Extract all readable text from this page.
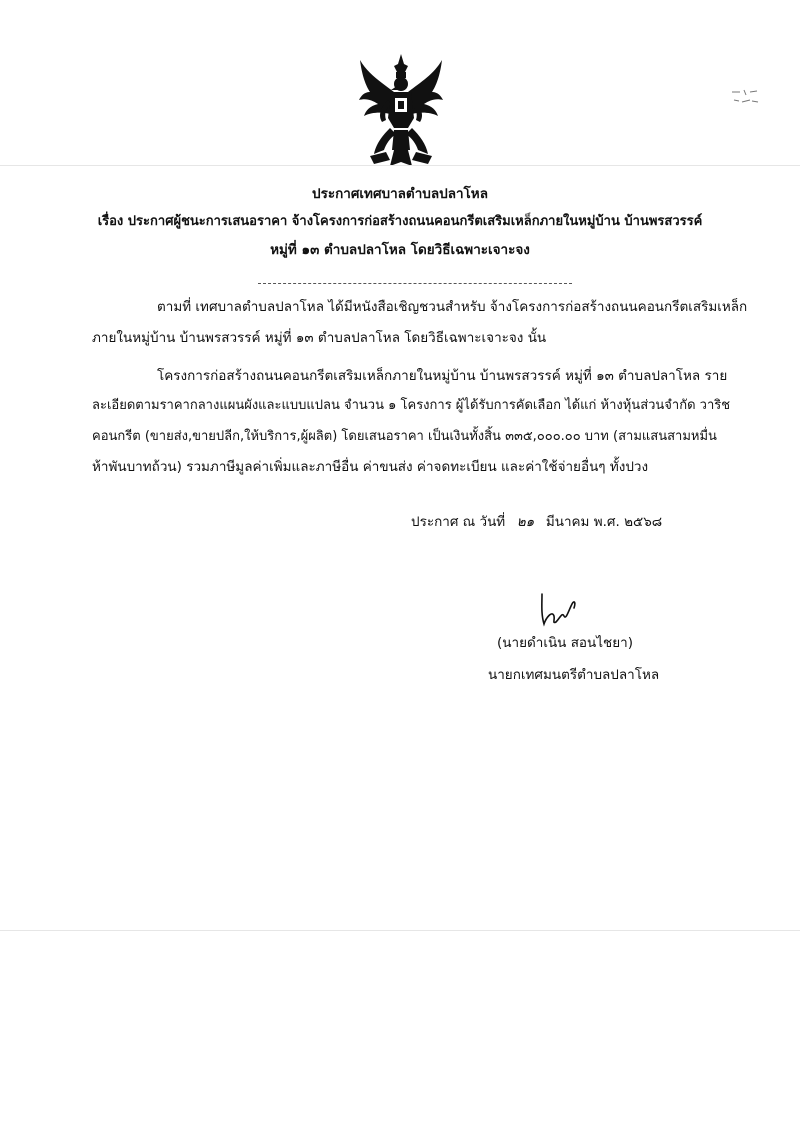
ประกาศเทศบาลตำบลปลาโหล
เรื่อง ประกาศผู้ชนะการเสนอราคา จ้างโครงการก่อสร้างถนนคอนกรีตเสริมเหล็กภายในหมู่บ้าน บ้านพรสวรรค์
หมู่ที่ ๑๓ ตำบลปลาโหล โดยวิธีเฉพาะเจาะจง
ตามที่ เทศบาลตำบลปลาโหล ได้มีหนังสือเชิญชวนสำหรับ จ้างโครงการก่อสร้างถนนคอนกรีตเสริมเหล็ก
ภายในหมู่บ้าน บ้านพรสวรรค์ หมู่ที่ ๑๓ ตำบลปลาโหล โดยวิธีเฉพาะเจาะจง นั้น
โครงการก่อสร้างถนนคอนกรีตเสริมเหล็กภายในหมู่บ้าน บ้านพรสวรรค์ หมู่ที่ ๑๓ ตำบลปลาโหล ราย
ละเอียดตามราคากลางแผนผังและแบบแปลน จำนวน ๑ โครงการ ผู้ได้รับการคัดเลือก ได้แก่ ห้างหุ้นส่วนจำกัด วาริช
คอนกรีต (ขายส่ง,ขายปลีก,ให้บริการ,ผู้ผลิต) โดยเสนอราคา เป็นเงินทั้งสิ้น ๓๓๕,๐๐๐.๐๐ บาท (สามแสนสามหมื่น
ห้าพันบาทถ้วน) รวมภาษีมูลค่าเพิ่มและภาษีอื่น ค่าขนส่ง ค่าจดทะเบียน และค่าใช้จ่ายอื่นๆ ทั้งปวง
ประกาศ ณ วันที่ ๒๑ มีนาคม พ.ศ. ๒๕๖๘
(นายดำเนิน สอนไชยา)
นายกเทศมนตรีตำบลปลาโหล
